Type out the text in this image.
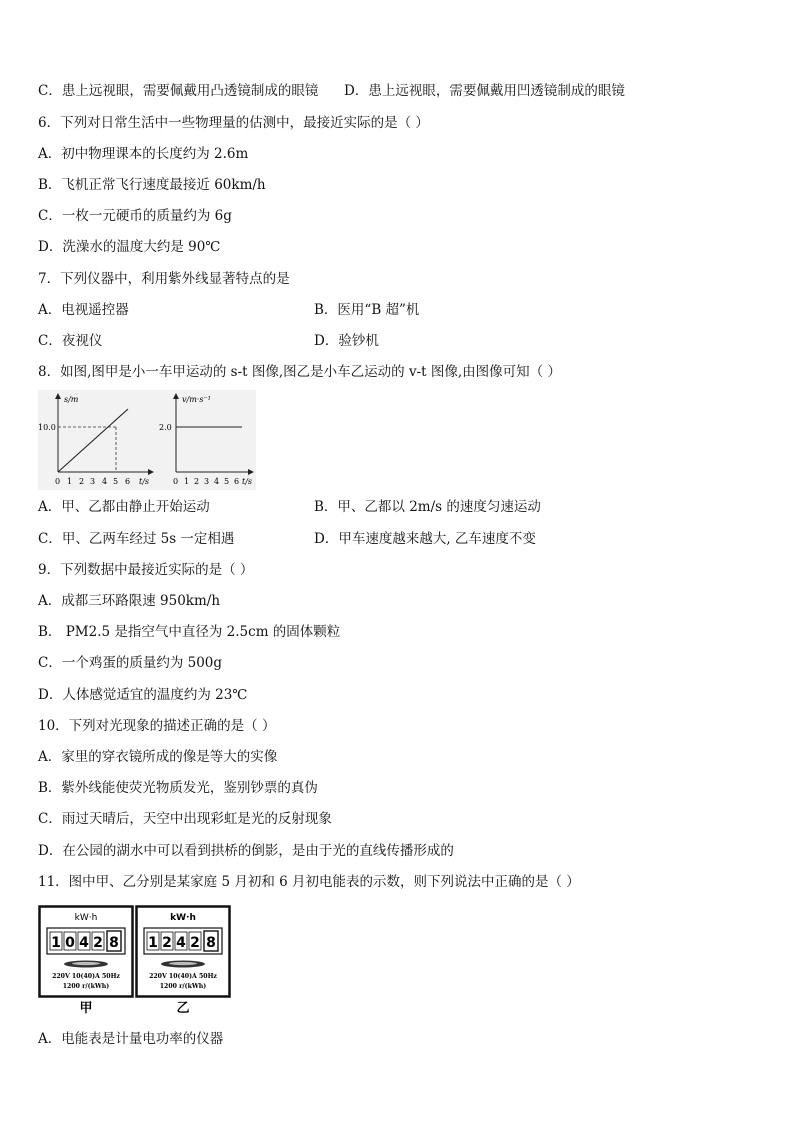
C．患上远视眼，需要佩戴用凸透镜制成的眼镜 D．患上远视眼，需要佩戴用凹透镜制成的眼镜
6．下列对日常生活中一些物理量的估测中，最接近实际的是（ ）
A．初中物理课本的长度约为 2.6m
B．飞机正常飞行速度最接近 60km/h
C．一枚一元硬币的质量约为 6g
D．洗澡水的温度大约是 90℃
7．下列仪器中，利用紫外线显著特点的是
A．电视遥控器	B．医用“B 超”机
C．夜视仪	D．验钞机
8．如图,图甲是小一车甲运动的 s-t 图像,图乙是小车乙运动的 v-t 图像,由图像可知（ ）
s/m
10.0
0 1 2 3 4 5 6 t/s
v/m·s⁻¹
2.0
0 1 2 3 4 5 6 t/s
A．甲、乙都由静止开始运动	B．甲、乙都以 2m/s 的速度匀速运动
C．甲、乙两车经过 5s 一定相遇	D．甲车速度越来越大, 乙车速度不变
9．下列数据中最接近实际的是（ ）
A．成都三环路限速 950km/h
B． PM2.5 是指空气中直径为 2.5cm 的固体颗粒
C．一个鸡蛋的质量约为 500g
D．人体感觉适宜的温度约为 23℃
10．下列对光现象的描述正确的是（ ）
A．家里的穿衣镜所成的像是等大的实像
B．紫外线能使荧光物质发光，鉴别钞票的真伪
C．雨过天晴后，天空中出现彩虹是光的反射现象
D．在公园的湖水中可以看到拱桥的倒影，是由于光的直线传播形成的
11．图中甲、乙分别是某家庭 5 月初和 6 月初电能表的示数，则下列说法中正确的是（ ）
kW·h
1 0 4 2 8
220V 10(40)A 50Hz
1200 r/(kWh)
甲
kW·h
1 2 4 2 8
220V 10(40)A 50Hz
1200 r/(kWh)
乙
A．电能表是计量电功率的仪器
